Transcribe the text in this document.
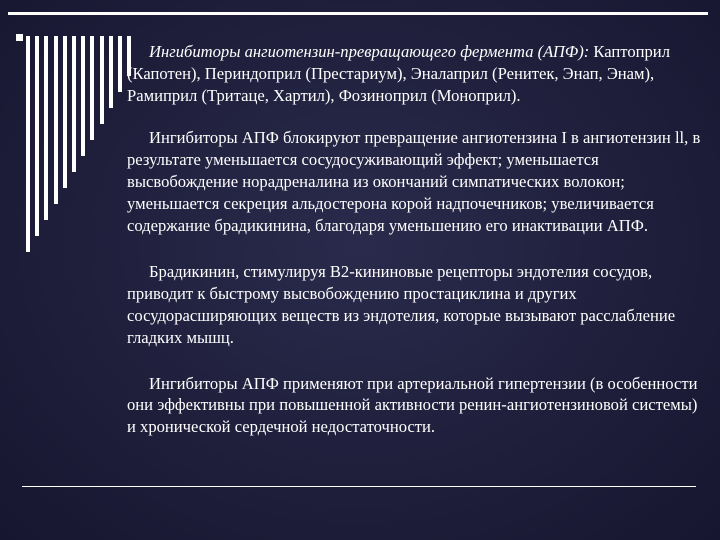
Ингибиторы ангиотензин-превращающего фермента (АПФ): Каптоприл (Капотен), Периндоприл (Престариум), Эналаприл (Ренитек, Энап, Энам), Рамиприл (Тритаце, Хартил), Фозиноприл (Моноприл).

Ингибиторы АПФ блокируют превращение ангиотензина I в ангиотензин ll, в результате уменьшается сосудосуживающий эффект; уменьшается высвобождение норадреналина из окончаний симпатических волокон; уменьшается секреция альдостерона корой надпочечников; увеличивается содержание брадикинина, благодаря уменьшению его инактивации АПФ.

Брадикинин, стимулируя В2-кининовые рецепторы эндотелия сосудов, приводит к быстрому высвобождению простациклина и других сосудорасширяющих веществ из эндотелия, которые вызывают расслабление гладких мышц.

Ингибиторы АПФ применяют при артериальной гипертензии (в особенности они эффективны при повышенной активности ренин-ангиотензиновой системы) и хронической сердечной недостаточности.
